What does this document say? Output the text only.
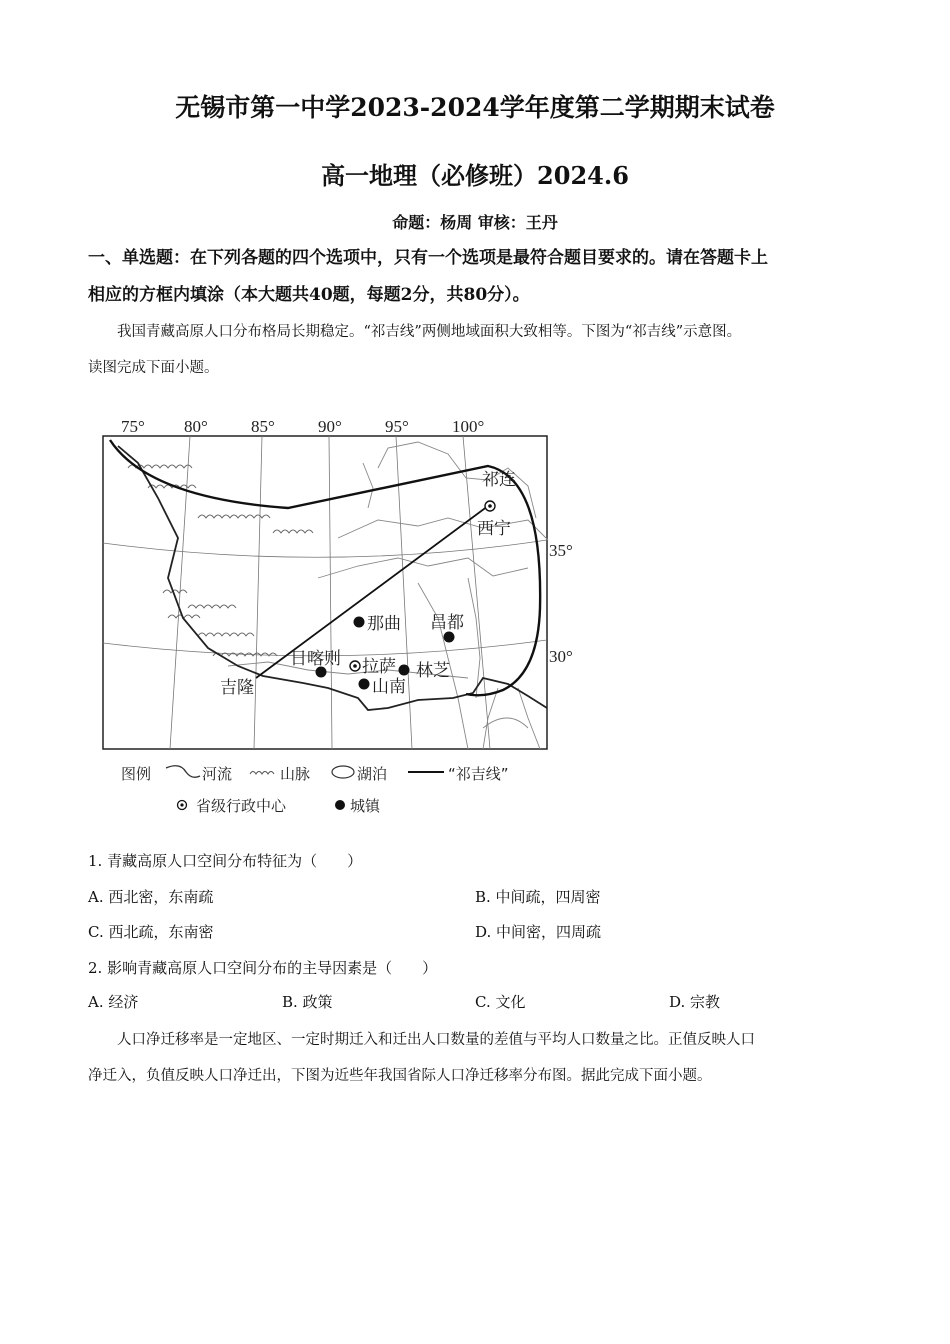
无锡市第一中学2023-2024学年度第二学期期末试卷
高一地理（必修班）2024.6
命题：杨周 审核：王丹
一、单选题：在下列各题的四个选项中，只有一个选项是最符合题目要求的。请在答题卡上
相应的方框内填涂（本大题共40题，每题2分，共80分）。
我国青藏高原人口分布格局长期稳定。“祁吉线”两侧地域面积大致相等。下图为“祁吉线”示意图。
读图完成下面小题。
75° 80°	85°	90°	95°	100°
35°
30°
祁连
西宁
那曲 昌都
日喀则 拉萨 林芝
山南
吉隆
图例	河流	山脉	湖泊	“祁吉线”
省级行政中心	城镇
1. 青藏高原人口空间分布特征为（　　）
A. 西北密，东南疏	B. 中间疏，四周密
C. 西北疏，东南密	D. 中间密，四周疏
2. 影响青藏高原人口空间分布的主导因素是（　　）
A. 经济	B. 政策	C. 文化	D. 宗教
人口净迁移率是一定地区、一定时期迁入和迁出人口数量的差值与平均人口数量之比。正值反映人口
净迁入，负值反映人口净迁出，下图为近些年我国省际人口净迁移率分布图。据此完成下面小题。
